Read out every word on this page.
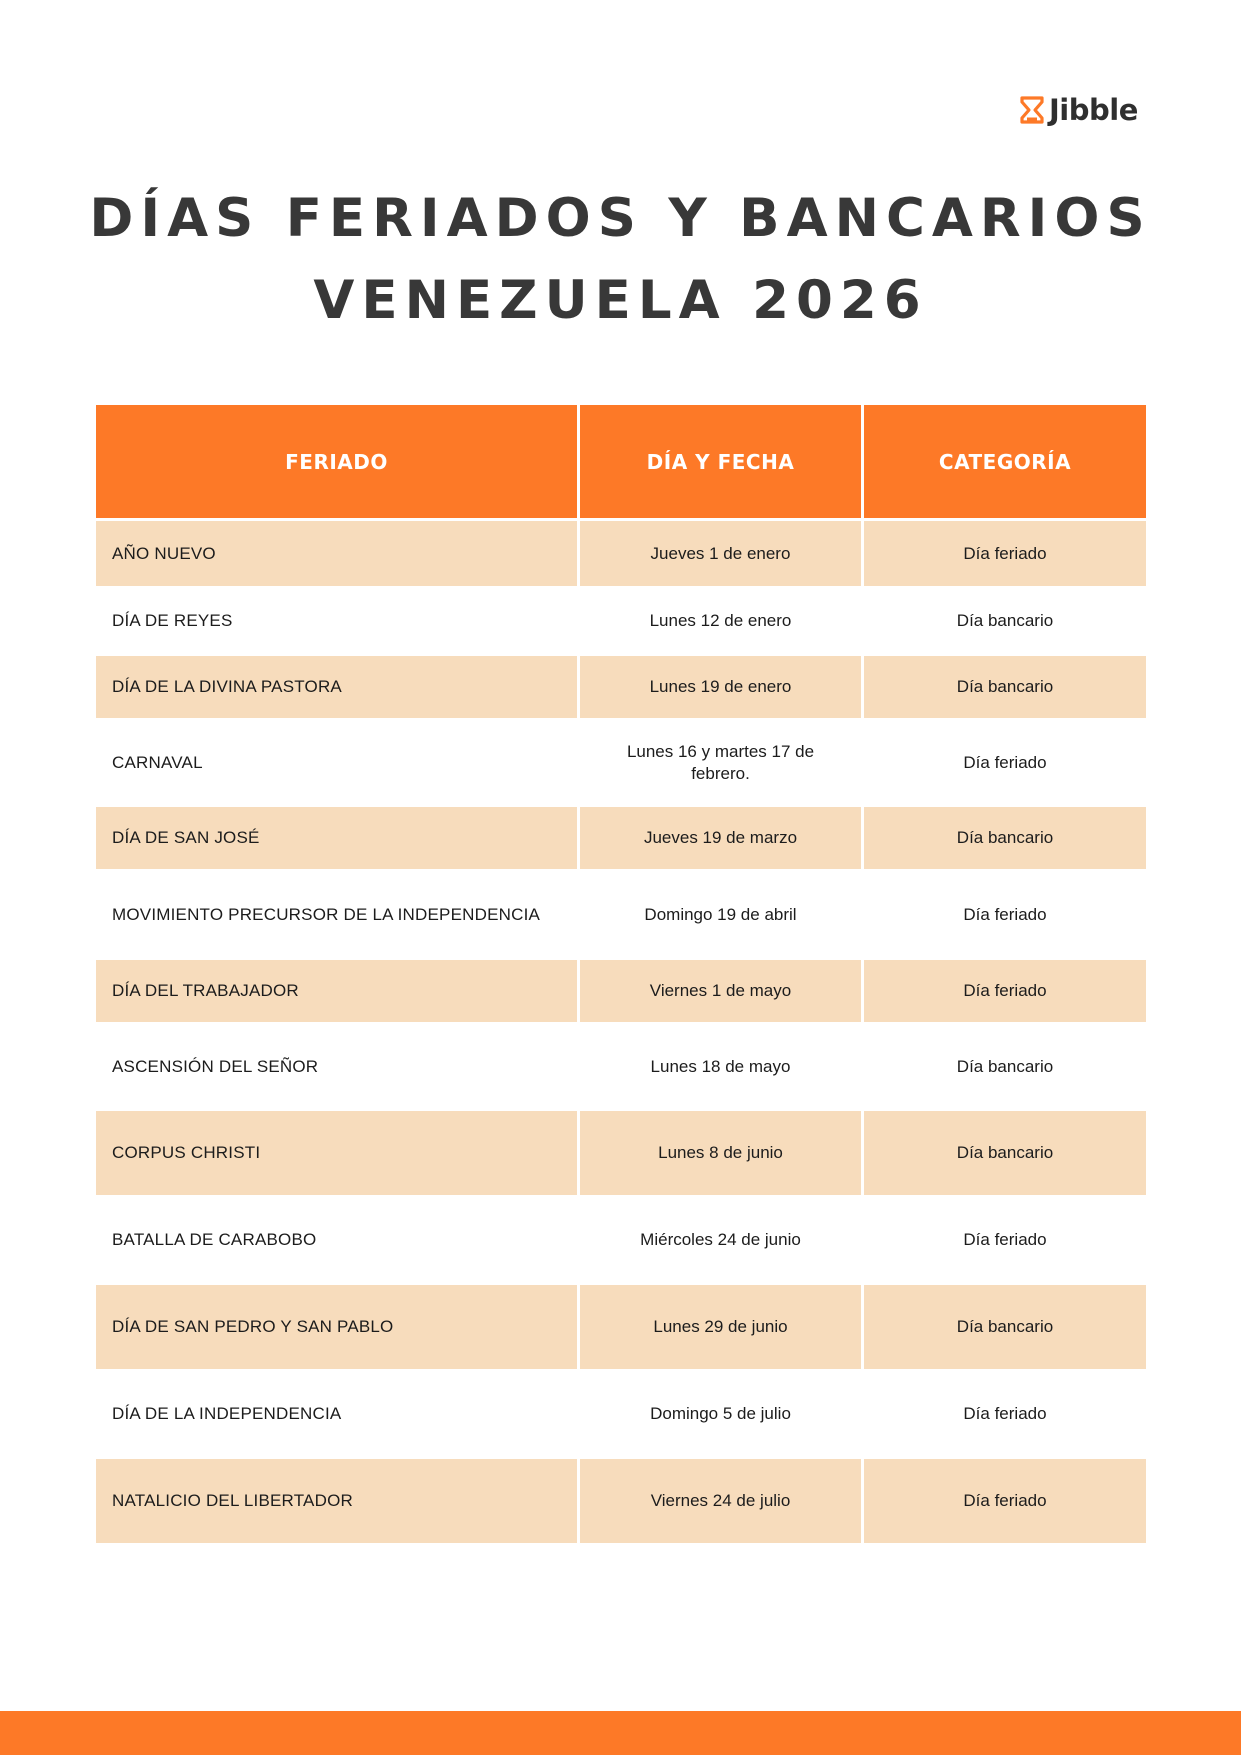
Jibble
DÍAS FERIADOS Y BANCARIOS
VENEZUELA 2026
FERIADO	DÍA Y FECHA	CATEGORÍA
AÑO NUEVO	Jueves 1 de enero	Día feriado
DÍA DE REYES	Lunes 12 de enero	Día bancario
DÍA DE LA DIVINA PASTORA	Lunes 19 de enero	Día bancario
CARNAVAL	Lunes 16 y martes 17 de febrero.	Día feriado
DÍA DE SAN JOSÉ	Jueves 19 de marzo	Día bancario
MOVIMIENTO PRECURSOR DE LA INDEPENDENCIA	Domingo 19 de abril	Día feriado
DÍA DEL TRABAJADOR	Viernes 1 de mayo	Día feriado
ASCENSIÓN DEL SEÑOR	Lunes 18 de mayo	Día bancario
CORPUS CHRISTI	Lunes 8 de junio	Día bancario
BATALLA DE CARABOBO	Miércoles 24 de junio	Día feriado
DÍA DE SAN PEDRO Y SAN PABLO	Lunes 29 de junio	Día bancario
DÍA DE LA INDEPENDENCIA	Domingo 5 de julio	Día feriado
NATALICIO DEL LIBERTADOR	Viernes 24 de julio	Día feriado
